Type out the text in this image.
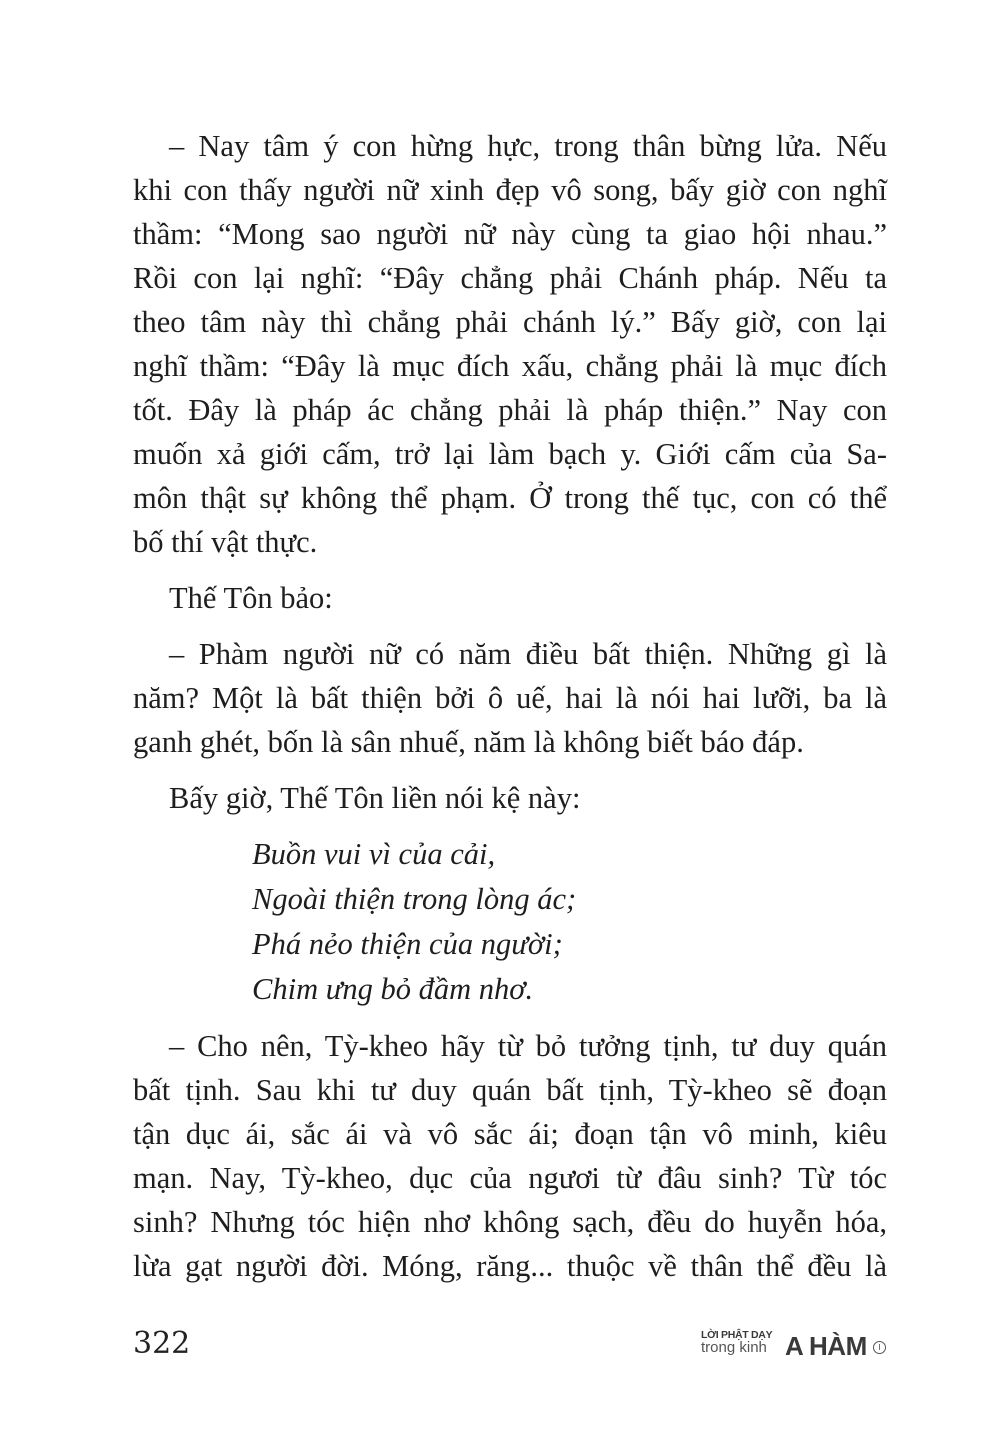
– Nay tâm ý con hừng hực, trong thân bừng lửa. Nếu
khi con thấy người nữ xinh đẹp vô song, bấy giờ con nghĩ
thầm: “Mong sao người nữ này cùng ta giao hội nhau.”
Rồi con lại nghĩ: “Đây chẳng phải Chánh pháp. Nếu ta
theo tâm này thì chẳng phải chánh lý.” Bấy giờ, con lại
nghĩ thầm: “Đây là mục đích xấu, chẳng phải là mục đích
tốt. Đây là pháp ác chẳng phải là pháp thiện.” Nay con
muốn xả giới cấm, trở lại làm bạch y. Giới cấm của Sa-
môn thật sự không thể phạm. Ở trong thế tục, con có thể
bố thí vật thực.
Thế Tôn bảo:
– Phàm người nữ có năm điều bất thiện. Những gì là
năm? Một là bất thiện bởi ô uế, hai là nói hai lưỡi, ba là
ganh ghét, bốn là sân nhuế, năm là không biết báo đáp.
Bấy giờ, Thế Tôn liền nói kệ này:
Buồn vui vì của cải,
Ngoài thiện trong lòng ác;
Phá nẻo thiện của người;
Chim ưng bỏ đầm nhơ.
– Cho nên, Tỳ-kheo hãy từ bỏ tưởng tịnh, tư duy quán
bất tịnh. Sau khi tư duy quán bất tịnh, Tỳ-kheo sẽ đoạn
tận dục ái, sắc ái và vô sắc ái; đoạn tận vô minh, kiêu
mạn. Nay, Tỳ-kheo, dục của ngươi từ đâu sinh? Từ tóc
sinh? Nhưng tóc hiện nhơ không sạch, đều do huyễn hóa,
lừa gạt người đời. Móng, răng... thuộc về thân thể đều là
322	LỜI PHẬT DẠY
trong kinh A HÀM	I
